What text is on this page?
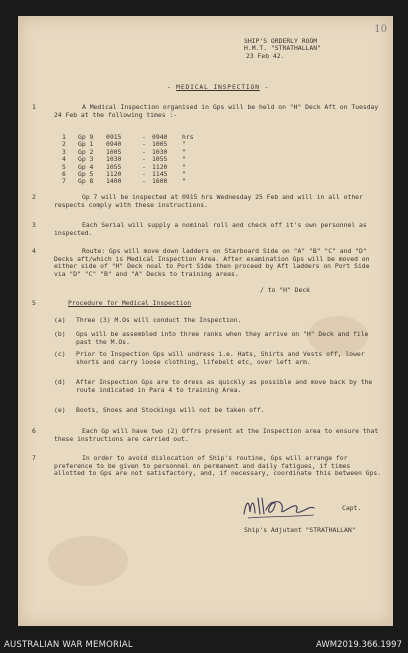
10
SHIP'S ORDERLY ROOM
H.M.T. "STRATHALLAN"
23 Feb 42.
- MEDICAL INSPECTION -
1	A Medical Inspection organised in Gps will be held on "H" Deck Aft on Tuesday 24 Feb at the following times :-
1	Gp 9	0915	- 0940	hrs
2	Gp 1	0940	- 1005	"
3	Gp 2	1005	- 1030	"
4	Gp 3	1030	- 1055	"
5	Gp 4	1055	- 1120	"
6	Gp 5	1120	- 1145	"
7	Gp 8	1400	- 1600	"
2	Gp 7 will be inspected at 0915 hrs Wednesday 25 Feb and will in all other respects comply with these instructions.
3	Each Serial will supply a nominal roll and check off it's own personnel as inspected.
4	Route: Gps will move down ladders on Starboard Side on "A" "B" "C" and "D" Decks aft/which is Medical Inspection Area. After examination Gps will be moved on either side of "H" Deck noal to Port Side then proceed by Aft ladders on Port Side via "D" "C" "B" and "A" Decks to training areas.
/ to "H" Deck
5	Procedure for Medical Inspection
(a) Three (3) M.Os will conduct the Inspection.
(b) Gps will be assembled into three ranks when they arrive on "H" Deck and file past the M.Os.
(c) Prior to Inspection Gps will undress i.e. Hats, Shirts and Vests off, lower shorts and carry loose clothing, lifebelt etc, over left arm.
(d) After Inspection Gps are to dress as quickly as possible and move back by the route indicated in Para 4 to training Area.
(e) Boots, Shoes and Stockings will not be taken off.
6	Each Gp will have two (2) Offrs present at the Inspection area to ensure that these instructions are carried out.
7	In order to avoid dislocation of Ship's routine, Gps will arrange for preference to be given to personnel on permanent and daily fatigues, if times allotted to Gps are not satisfactory, and, if necessary, coordinate this between Gps.
Capt.
Ship's Adjutant "STRATHALLAN"
AUSTRALIAN WAR MEMORIAL	AWM2019.366.1997
